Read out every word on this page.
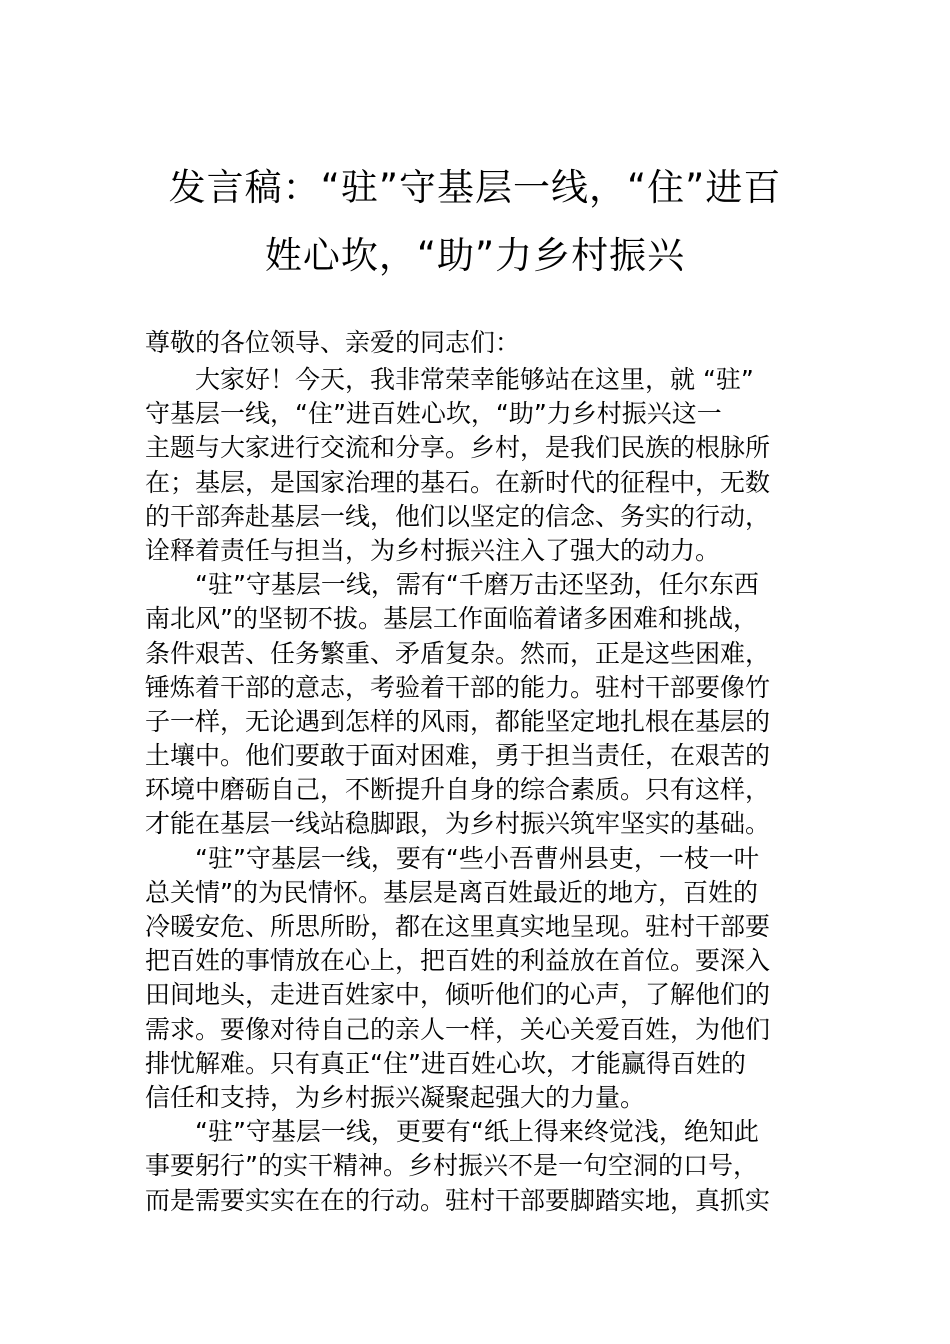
发言稿：“驻”守基层一线，“住”进百
姓心坎，“助”力乡村振兴
尊敬的各位领导、亲爱的同志们：
大家好！今天，我非常荣幸能够站在这里，就 “驻”
守基层一线，“住”进百姓心坎，“助”力乡村振兴这一
主题与大家进行交流和分享。乡村，是我们民族的根脉所
在；基层，是国家治理的基石。在新时代的征程中，无数
的干部奔赴基层一线，他们以坚定的信念、务实的行动，
诠释着责任与担当，为乡村振兴注入了强大的动力。
“驻”守基层一线，需有“千磨万击还坚劲，任尔东西
南北风”的坚韧不拔。基层工作面临着诸多困难和挑战，
条件艰苦、任务繁重、矛盾复杂。然而，正是这些困难，
锤炼着干部的意志，考验着干部的能力。驻村干部要像竹
子一样，无论遇到怎样的风雨，都能坚定地扎根在基层的
土壤中。他们要敢于面对困难，勇于担当责任，在艰苦的
环境中磨砺自己，不断提升自身的综合素质。只有这样，
才能在基层一线站稳脚跟，为乡村振兴筑牢坚实的基础。
“驻”守基层一线，要有“些小吾曹州县吏，一枝一叶
总关情”的为民情怀。基层是离百姓最近的地方，百姓的
冷暖安危、所思所盼，都在这里真实地呈现。驻村干部要
把百姓的事情放在心上，把百姓的利益放在首位。要深入
田间地头，走进百姓家中，倾听他们的心声，了解他们的
需求。要像对待自己的亲人一样，关心关爱百姓，为他们
排忧解难。只有真正“住”进百姓心坎，才能赢得百姓的
信任和支持，为乡村振兴凝聚起强大的力量。
“驻”守基层一线，更要有“纸上得来终觉浅，绝知此
事要躬行”的实干精神。乡村振兴不是一句空洞的口号，
而是需要实实在在的行动。驻村干部要脚踏实地，真抓实
